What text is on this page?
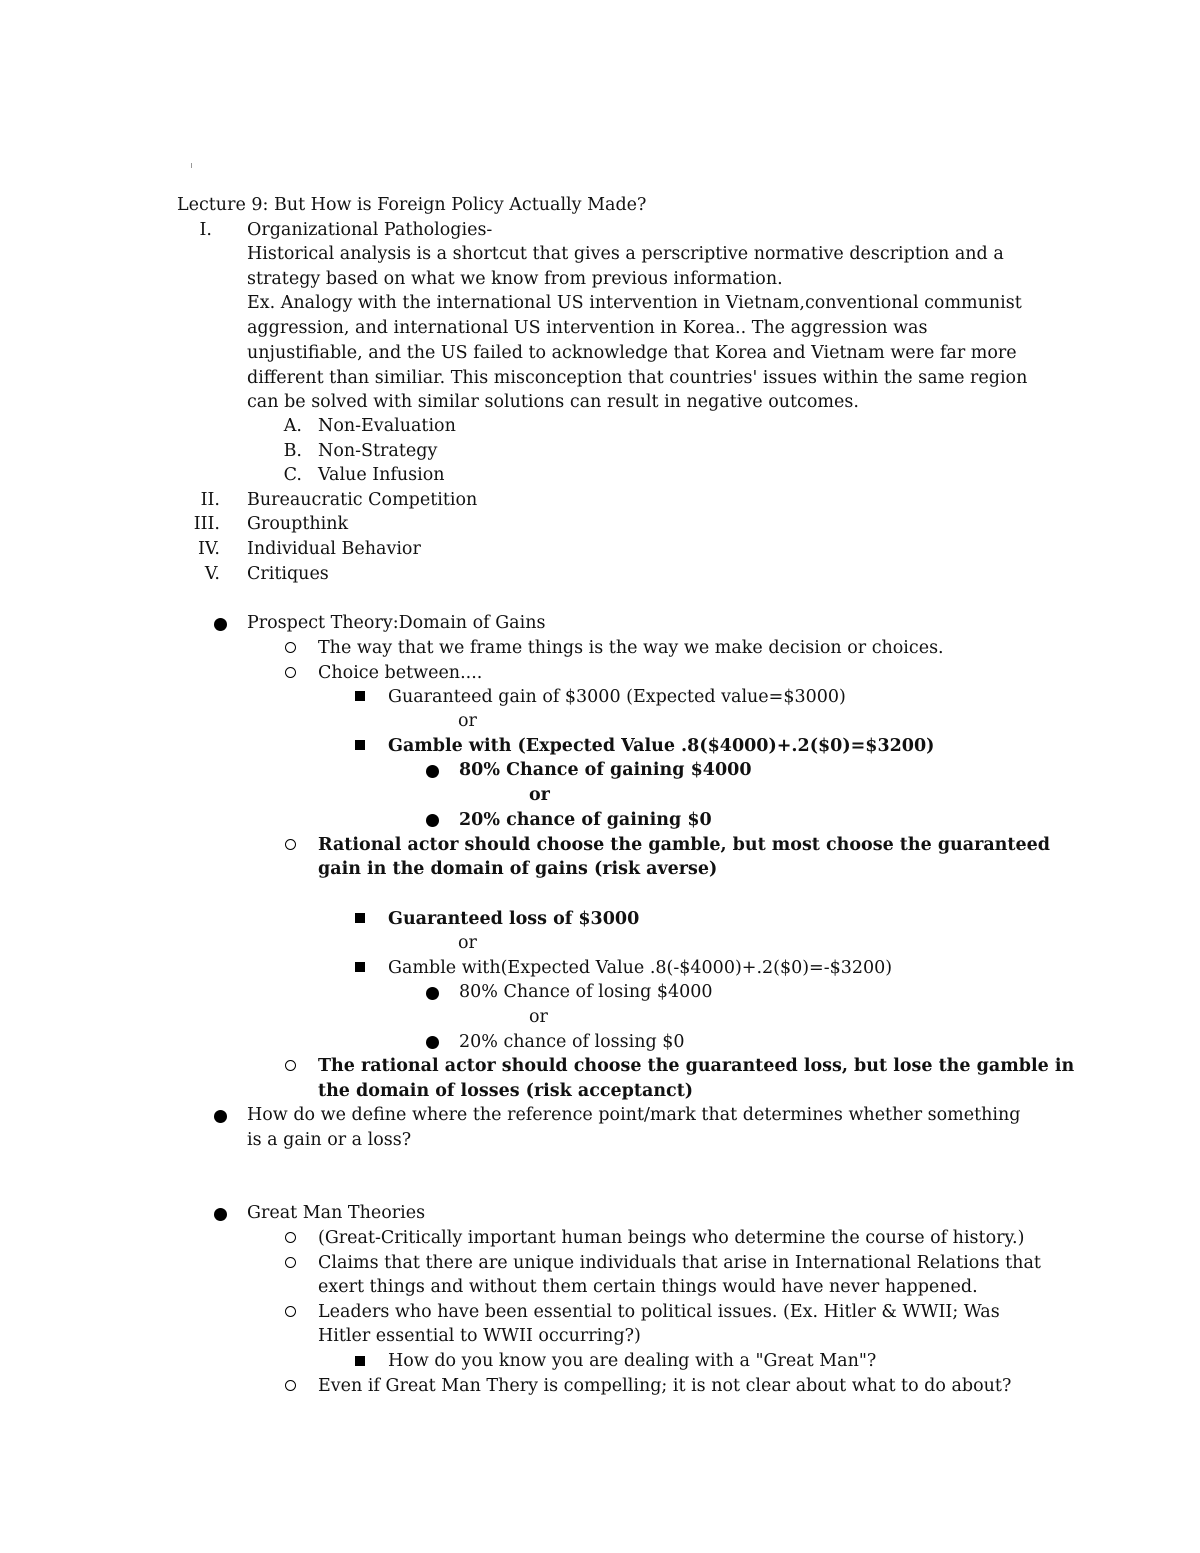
Lecture 9: But How is Foreign Policy Actually Made?
I. Organizational Pathologies-
Historical analysis is a shortcut that gives a perscriptive normative description and a
strategy based on what we know from previous information.
Ex. Analogy with the international US intervention in Vietnam,conventional communist
aggression, and international US intervention in Korea.. The aggression was
unjustifiable, and the US failed to acknowledge that Korea and Vietnam were far more
different than similiar. This misconception that countries' issues within the same region
can be solved with similar solutions can result in negative outcomes.
A. Non-Evaluation
B. Non-Strategy
C. Value Infusion
II. Bureaucratic Competition
III. Groupthink
IV. Individual Behavior
V. Critiques
Prospect Theory:Domain of Gains
The way that we frame things is the way we make decision or choices.
Choice between....
Guaranteed gain of $3000 (Expected value=$3000)
or
Gamble with (Expected Value .8($4000)+.2($0)=$3200)
80% Chance of gaining $4000
or
20% chance of gaining $0
Rational actor should choose the gamble, but most choose the guaranteed
gain in the domain of gains (risk averse)
Guaranteed loss of $3000
or
Gamble with(Expected Value .8(-$4000)+.2($0)=-$3200)
80% Chance of losing $4000
or
20% chance of lossing $0
The rational actor should choose the guaranteed loss, but lose the gamble in
the domain of losses (risk acceptanct)
How do we define where the reference point/mark that determines whether something
is a gain or a loss?
Great Man Theories
(Great-Critically important human beings who determine the course of history.)
Claims that there are unique individuals that arise in International Relations that
exert things and without them certain things would have never happened.
Leaders who have been essential to political issues. (Ex. Hitler & WWII; Was
Hitler essential to WWII occurring?)
How do you know you are dealing with a "Great Man"?
Even if Great Man Thery is compelling; it is not clear about what to do about?
